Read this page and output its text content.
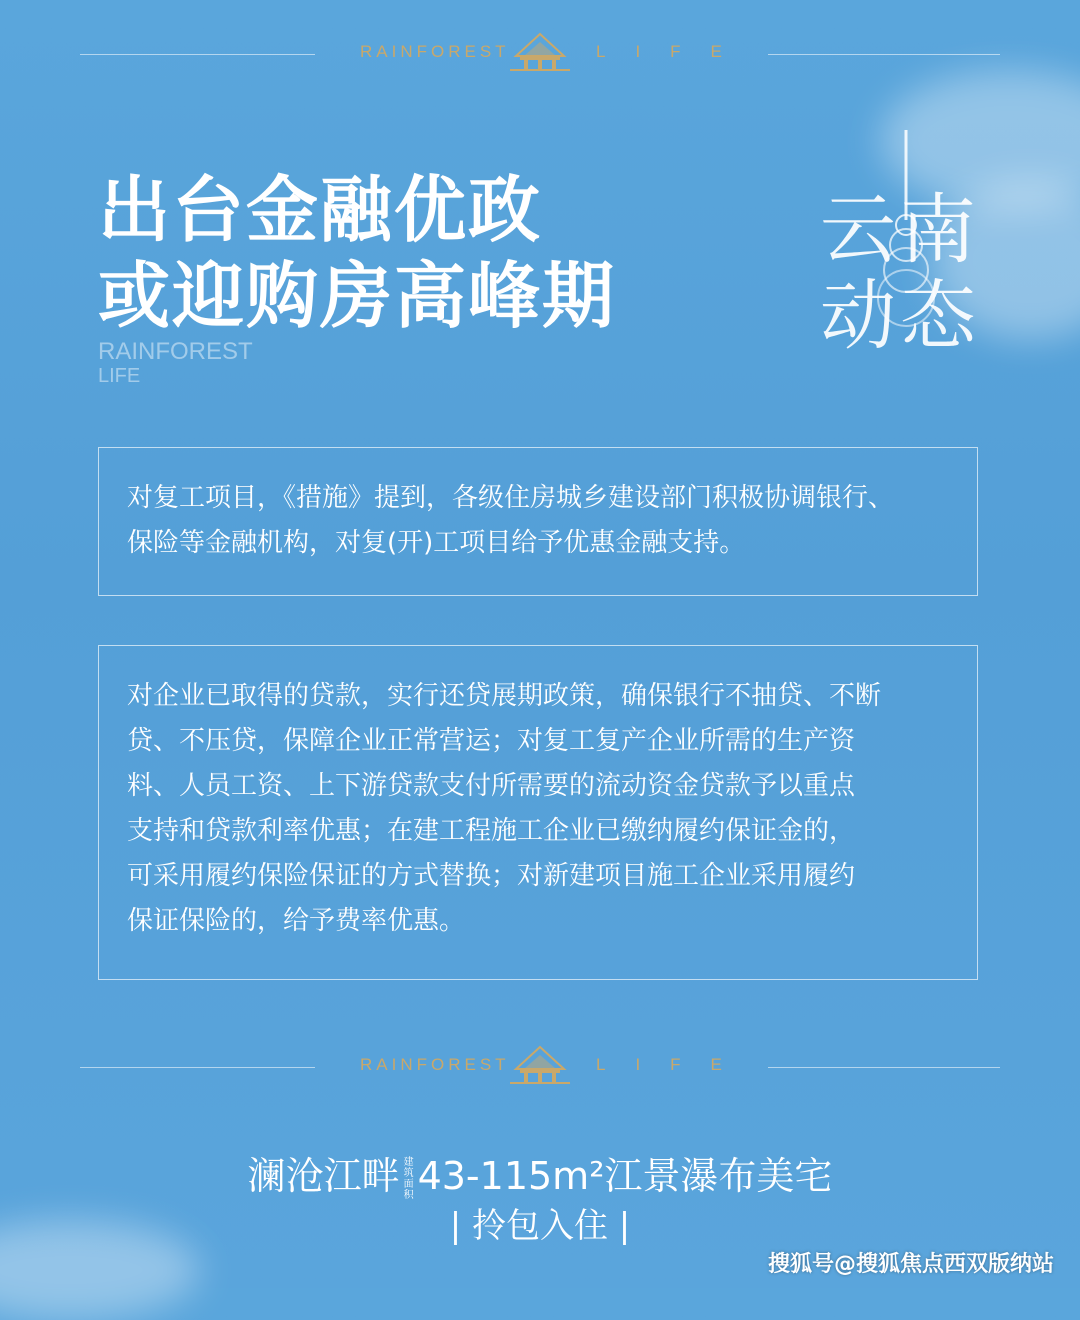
RAINFOREST	LIFE
出台金融优政
或迎购房高峰期
RAINFOREST
LIFE
云 南
动 态
对复工项目，《措施》提到，各级住房城乡建设部门积极协调银行、
保险等金融机构，对复(开)工项目给予优惠金融支持。
对企业已取得的贷款，实行还贷展期政策，确保银行不抽贷、不断
贷、不压贷，保障企业正常营运；对复工复产企业所需的生产资
料、人员工资、上下游贷款支付所需要的流动资金贷款予以重点
支持和贷款利率优惠；在建工程施工企业已缴纳履约保证金的，
可采用履约保险保证的方式替换；对新建项目施工企业采用履约
保证保险的，给予费率优惠。
RAINFOREST	LIFE
澜沧江畔 建筑面积 43-115m²江景瀑布美宅
| 拎包入住 |
搜狐号@搜狐焦点西双版纳站
